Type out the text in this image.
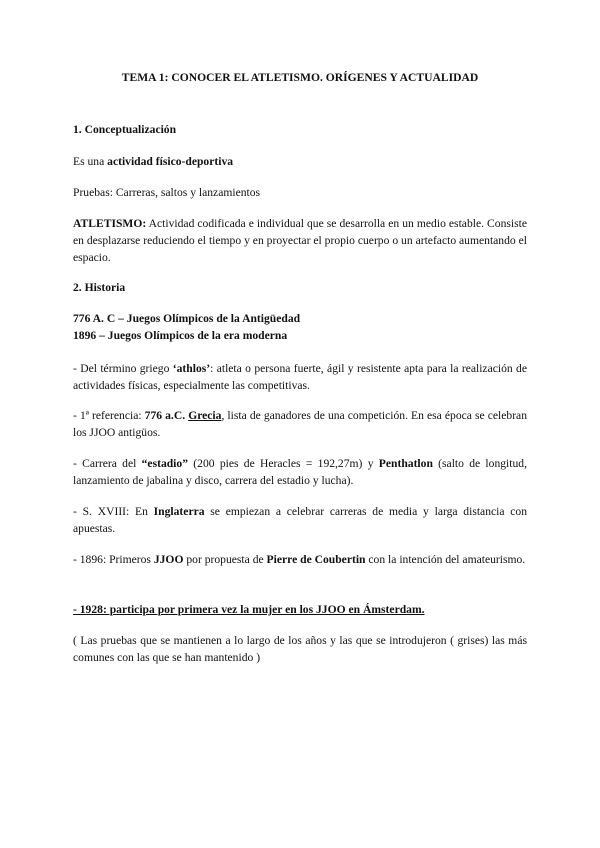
TEMA 1: CONOCER EL ATLETISMO. ORÍGENES Y ACTUALIDAD
1. Conceptualización
Es una actividad físico-deportiva
Pruebas: Carreras, saltos y lanzamientos
ATLETISMO: Actividad codificada e individual que se desarrolla en un medio estable. Consiste en desplazarse reduciendo el tiempo y en proyectar el propio cuerpo o un artefacto aumentando el espacio.
2. Historia
776 A. C – Juegos Olímpicos de la Antigüedad
1896 – Juegos Olímpicos de la era moderna
- Del término griego ‘athlos’: atleta o persona fuerte, ágil y resistente apta para la realización de actividades físicas, especialmente las competitivas.
- 1ª referencia: 776 a.C. Grecia, lista de ganadores de una competición. En esa época se celebran los JJOO antigüos.
- Carrera del “estadio” (200 pies de Heracles = 192,27m) y Penthatlon (salto de longitud, lanzamiento de jabalina y disco, carrera del estadio y lucha).
- S. XVIII: En Inglaterra se empiezan a celebrar carreras de media y larga distancia con apuestas.
- 1896: Primeros JJOO por propuesta de Pierre de Coubertin con la intención del amateurismo.
- 1928: participa por primera vez la mujer en los JJOO en Ámsterdam.
( Las pruebas que se mantienen a lo largo de los años y las que se introdujeron ( grises) las más comunes con las que se han mantenido )
